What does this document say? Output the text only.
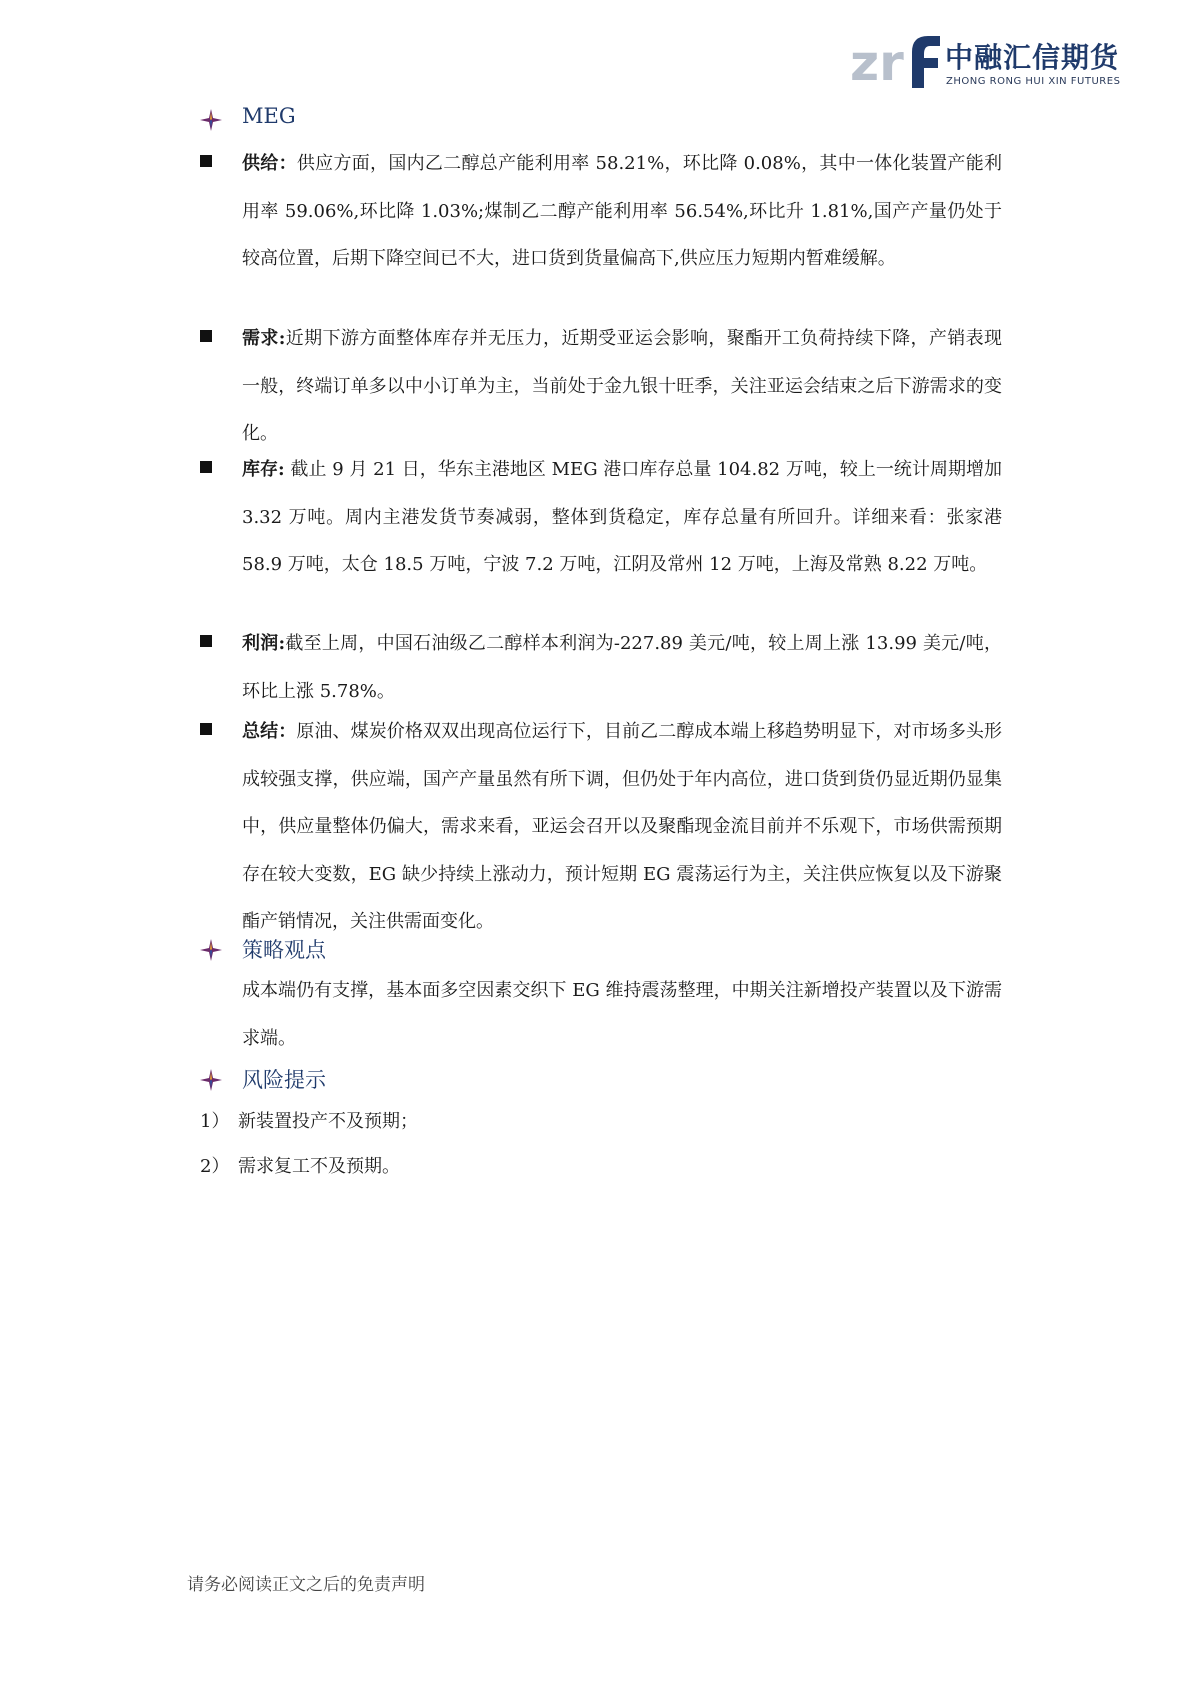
zr 中融汇信期货
ZHONG RONG HUI XIN FUTURES
MEG

供给：供应方面，国内乙二醇总产能利用率 58.21%，环比降 0.08%，其中一体化装置产能利用率 59.06%,环比降 1.03%;煤制乙二醇产能利用率 56.54%,环比升 1.81%,国产产量仍处于较高位置，后期下降空间已不大，进口货到货量偏高下,供应压力短期内暂难缓解。

需求:近期下游方面整体库存并无压力，近期受亚运会影响，聚酯开工负荷持续下降，产销表现一般，终端订单多以中小订单为主，当前处于金九银十旺季，关注亚运会结束之后下游需求的变化。

库存: 截止 9 月 21 日，华东主港地区 MEG 港口库存总量 104.82 万吨，较上一统计周期增加 3.32 万吨。周内主港发货节奏减弱，整体到货稳定，库存总量有所回升。详细来看：张家港 58.9 万吨，太仓 18.5 万吨，宁波 7.2 万吨，江阴及常州 12 万吨，上海及常熟 8.22 万吨。

利润:截至上周，中国石油级乙二醇样本利润为-227.89 美元/吨，较上周上涨 13.99 美元/吨，环比上涨 5.78%。

总结：原油、煤炭价格双双出现高位运行下，目前乙二醇成本端上移趋势明显下，对市场多头形成较强支撑，供应端，国产产量虽然有所下调，但仍处于年内高位，进口货到货仍显近期仍显集中，供应量整体仍偏大，需求来看，亚运会召开以及聚酯现金流目前并不乐观下，市场供需预期存在较大变数，EG 缺少持续上涨动力，预计短期 EG 震荡运行为主，关注供应恢复以及下游聚酯产销情况，关注供需面变化。

策略观点

成本端仍有支撑，基本面多空因素交织下 EG 维持震荡整理，中期关注新增投产装置以及下游需求端。

风险提示
1） 新装置投产不及预期；
2） 需求复工不及预期。
请务必阅读正文之后的免责声明
